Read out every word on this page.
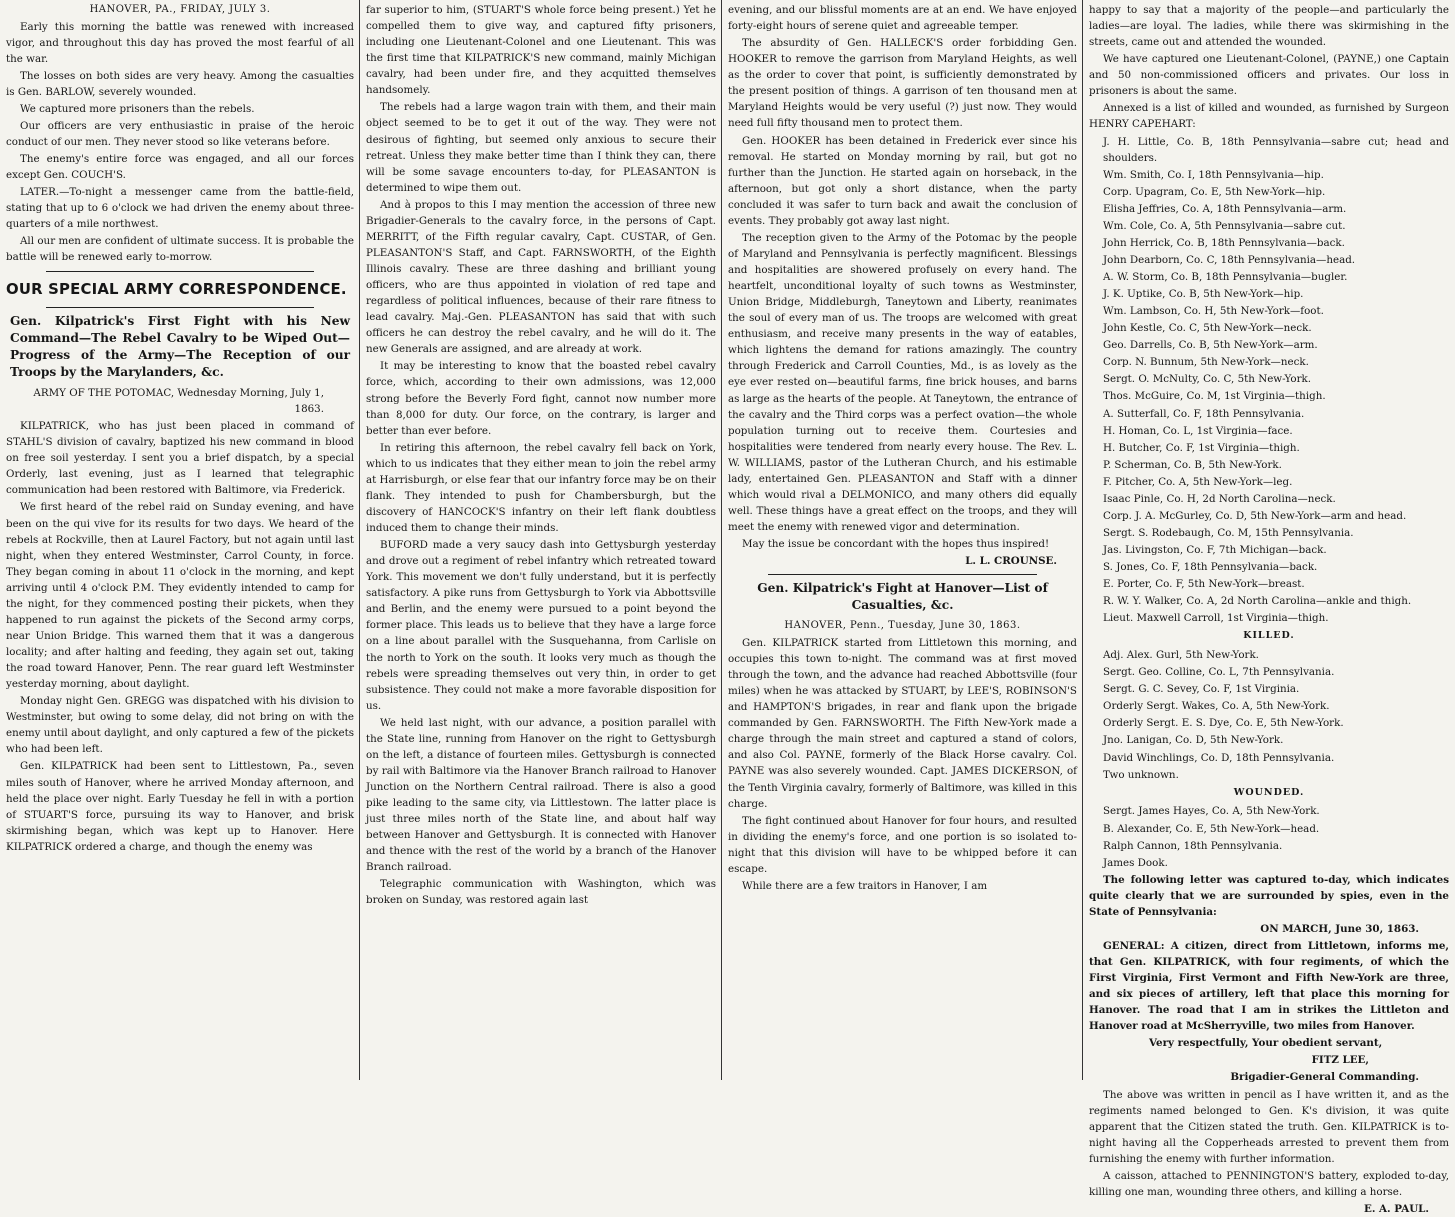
HANOVER, PA., FRIDAY, JULY 3.

Early this morning the battle was renewed with increased vigor, and throughout this day has proved the most fearful of all the war.

The losses on both sides are very heavy. Among the casualties is Gen. BARLOW, severely wounded.

We captured more prisoners than the rebels.

Our officers are very enthusiastic in praise of the heroic conduct of our men. They never stood so like veterans before.

The enemy's entire force was engaged, and all our forces except Gen. COUCH'S.

LATER.—To-night a messenger came from the battle-field, stating that up to 6 o'clock we had driven the enemy about three-quarters of a mile northwest.

All our men are confident of ultimate success. It is probable the battle will be renewed early to-morrow.

OUR SPECIAL ARMY CORRESPONDENCE.

Gen. Kilpatrick's First Fight with his New Command—The Rebel Cavalry to be Wiped Out—Progress of the Army—The Reception of our Troops by the Marylanders, &c.

ARMY OF THE POTOMAC, Wednesday Morning, July 1, 1863.

KILPATRICK, who has just been placed in command of STAHL'S division of cavalry, baptized his new command in blood on free soil yesterday. I sent you a brief dispatch, by a special Orderly, last evening, just as I learned that telegraphic communication had been restored with Baltimore, via Frederick.

We first heard of the rebel raid on Sunday evening, and have been on the qui vive for its results for two days. We heard of the rebels at Rockville, then at Laurel Factory, but not again until last night, when they entered Westminster, Carrol County, in force. They began coming in about 11 o'clock in the morning, and kept arriving until 4 o'clock P.M. They evidently intended to camp for the night, for they commenced posting their pickets, when they happened to run against the pickets of the Second army corps, near Union Bridge. This warned them that it was a dangerous locality; and after halting and feeding, they again set out, taking the road toward Hanover, Penn. The rear guard left Westminster yesterday morning, about daylight.

Monday night Gen. GREGG was dispatched with his division to Westminster, but owing to some delay, did not bring on with the enemy until about daylight, and only captured a few of the pickets who had been left.

Gen. KILPATRICK had been sent to Littlestown, Pa., seven miles south of Hanover, where he arrived Monday afternoon, and held the place over night. Early Tuesday he fell in with a portion of STUART'S force, pursuing its way to Hanover, and brisk skirmishing began, which was kept up to Hanover. Here KILPATRICK ordered a charge, and though the enemy was

far superior to him, (STUART'S whole force being present.) Yet he compelled them to give way, and captured fifty prisoners, including one Lieutenant-Colonel and one Lieutenant. This was the first time that KILPATRICK'S new command, mainly Michigan cavalry, had been under fire, and they acquitted themselves handsomely.

The rebels had a large wagon train with them, and their main object seemed to be to get it out of the way. They were not desirous of fighting, but seemed only anxious to secure their retreat. Unless they make better time than I think they can, there will be some savage encounters to-day, for PLEASANTON is determined to wipe them out.

And à propos to this I may mention the accession of three new Brigadier-Generals to the cavalry force, in the persons of Capt. MERRITT, of the Fifth regular cavalry, Capt. CUSTAR, of Gen. PLEASANTON'S Staff, and Capt. FARNSWORTH, of the Eighth Illinois cavalry. These are three dashing and brilliant young officers, who are thus appointed in violation of red tape and regardless of political influences, because of their rare fitness to lead cavalry. Maj.-Gen. PLEASANTON has said that with such officers he can destroy the rebel cavalry, and he will do it. The new Generals are assigned, and are already at work.

It may be interesting to know that the boasted rebel cavalry force, which, according to their own admissions, was 12,000 strong before the Beverly Ford fight, cannot now number more than 8,000 for duty. Our force, on the contrary, is larger and better than ever before.

In retiring this afternoon, the rebel cavalry fell back on York, which to us indicates that they either mean to join the rebel army at Harrisburgh, or else fear that our infantry force may be on their flank. They intended to push for Chambersburgh, but the discovery of HANCOCK'S infantry on their left flank doubtless induced them to change their minds.

BUFORD made a very saucy dash into Gettysburgh yesterday and drove out a regiment of rebel infantry which retreated toward York. This movement we don't fully understand, but it is perfectly satisfactory. A pike runs from Gettysburgh to York via Abbottsville and Berlin, and the enemy were pursued to a point beyond the former place. This leads us to believe that they have a large force on a line about parallel with the Susquehanna, from Carlisle on the north to York on the south. It looks very much as though the rebels were spreading themselves out very thin, in order to get subsistence. They could not make a more favorable disposition for us.

We held last night, with our advance, a position parallel with the State line, running from Hanover on the right to Gettysburgh on the left, a distance of fourteen miles. Gettysburgh is connected by rail with Baltimore via the Hanover Branch railroad to Hanover Junction on the Northern Central railroad. There is also a good pike leading to the same city, via Littlestown. The latter place is just three miles north of the State line, and about half way between Hanover and Gettysburgh. It is connected with Hanover and thence with the rest of the world by a branch of the Hanover Branch railroad.

Telegraphic communication with Washington, which was broken on Sunday, was restored again last

evening, and our blissful moments are at an end. We have enjoyed forty-eight hours of serene quiet and agreeable temper.

The absurdity of Gen. HALLECK'S order forbidding Gen. HOOKER to remove the garrison from Maryland Heights, as well as the order to cover that point, is sufficiently demonstrated by the present position of things. A garrison of ten thousand men at Maryland Heights would be very useful (?) just now. They would need full fifty thousand men to protect them.

Gen. HOOKER has been detained in Frederick ever since his removal. He started on Monday morning by rail, but got no further than the Junction. He started again on horseback, in the afternoon, but got only a short distance, when the party concluded it was safer to turn back and await the conclusion of events. They probably got away last night.

The reception given to the Army of the Potomac by the people of Maryland and Pennsylvania is perfectly magnificent. Blessings and hospitalities are showered profusely on every hand. The heartfelt, unconditional loyalty of such towns as Westminster, Union Bridge, Middleburgh, Taneytown and Liberty, reanimates the soul of every man of us. The troops are welcomed with great enthusiasm, and receive many presents in the way of eatables, which lightens the demand for rations amazingly. The country through Frederick and Carroll Counties, Md., is as lovely as the eye ever rested on—beautiful farms, fine brick houses, and barns as large as the hearts of the people. At Taneytown, the entrance of the cavalry and the Third corps was a perfect ovation—the whole population turning out to receive them. Courtesies and hospitalities were tendered from nearly every house. The Rev. L. W. WILLIAMS, pastor of the Lutheran Church, and his estimable lady, entertained Gen. PLEASANTON and Staff with a dinner which would rival a DELMONICO, and many others did equally well. These things have a great effect on the troops, and they will meet the enemy with renewed vigor and determination.

May the issue be concordant with the hopes thus inspired!

L. L. CROUNSE.

Gen. Kilpatrick's Fight at Hanover—List of Casualties, &c.

HANOVER, Penn., Tuesday, June 30, 1863.

Gen. KILPATRICK started from Littletown this morning, and occupies this town to-night. The command was at first moved through the town, and the advance had reached Abbottsville (four miles) when he was attacked by STUART, by LEE'S, ROBINSON'S and HAMPTON'S brigades, in rear and flank upon the brigade commanded by Gen. FARNSWORTH. The Fifth New-York made a charge through the main street and captured a stand of colors, and also Col. PAYNE, formerly of the Black Horse cavalry. Col. PAYNE was also severely wounded. Capt. JAMES DICKERSON, of the Tenth Virginia cavalry, formerly of Baltimore, was killed in this charge.

The fight continued about Hanover for four hours, and resulted in dividing the enemy's force, and one portion is so isolated to-night that this division will have to be whipped before it can escape.

While there are a few traitors in Hanover, I am

happy to say that a majority of the people—and particularly the ladies—are loyal. The ladies, while there was skirmishing in the streets, came out and attended the wounded.

We have captured one Lieutenant-Colonel, (PAYNE,) one Captain and 50 non-commissioned officers and privates. Our loss in prisoners is about the same.

Annexed is a list of killed and wounded, as furnished by Surgeon HENRY CAPEHART:

J. H. Little, Co. B, 18th Pennsylvania—sabre cut; head and shoulders.

Wm. Smith, Co. I, 18th Pennsylvania—hip.

Corp. Upagram, Co. E, 5th New-York—hip.

Elisha Jeffries, Co. A, 18th Pennsylvania—arm.

Wm. Cole, Co. A, 5th Pennsylvania—sabre cut.

John Herrick, Co. B, 18th Pennsylvania—back.

John Dearborn, Co. C, 18th Pennsylvania—head.

A. W. Storm, Co. B, 18th Pennsylvania—bugler.

J. K. Uptike, Co. B, 5th New-York—hip.

Wm. Lambson, Co. H, 5th New-York—foot.

John Kestle, Co. C, 5th New-York—neck.

Geo. Darrells, Co. B, 5th New-York—arm.

Corp. N. Bunnum, 5th New-York—neck.

Sergt. O. McNulty, Co. C, 5th New-York.

Thos. McGuire, Co. M, 1st Virginia—thigh.

A. Sutterfall, Co. F, 18th Pennsylvania.

H. Homan, Co. L, 1st Virginia—face.

H. Butcher, Co. F, 1st Virginia—thigh.

P. Scherman, Co. B, 5th New-York.

F. Pitcher, Co. A, 5th New-York—leg.

Isaac Pinle, Co. H, 2d North Carolina—neck.

Corp. J. A. McGurley, Co. D, 5th New-York—arm and head.

Sergt. S. Rodebaugh, Co. M, 15th Pennsylvania.

Jas. Livingston, Co. F, 7th Michigan—back.

S. Jones, Co. F, 18th Pennsylvania—back.

E. Porter, Co. F, 5th New-York—breast.

R. W. Y. Walker, Co. A, 2d North Carolina—ankle and thigh.

Lieut. Maxwell Carroll, 1st Virginia—thigh.

KILLED.

Adj. Alex. Gurl, 5th New-York.

Sergt. Geo. Colline, Co. L, 7th Pennsylvania.

Sergt. G. C. Sevey, Co. F, 1st Virginia.

Orderly Sergt. Wakes, Co. A, 5th New-York.

Orderly Sergt. E. S. Dye, Co. E, 5th New-York.

Jno. Lanigan, Co. D, 5th New-York.

David Winchlings, Co. D, 18th Pennsylvania.

Two unknown.

WOUNDED.

Sergt. James Hayes, Co. A, 5th New-York.

B. Alexander, Co. E, 5th New-York—head.

Ralph Cannon, 18th Pennsylvania.

James Dook.

The following letter was captured to-day, which indicates quite clearly that we are surrounded by spies, even in the State of Pennsylvania:

ON MARCH, June 30, 1863.

GENERAL: A citizen, direct from Littletown, informs me, that Gen. KILPATRICK, with four regiments, of which the First Virginia, First Vermont and Fifth New-York are three, and six pieces of artillery, left that place this morning for Hanover. The road that I am in strikes the Littleton and Hanover road at McSherryville, two miles from Hanover.

Very respectfully, Your obedient servant,

FITZ LEE,

Brigadier-General Commanding.

The above was written in pencil as I have written it, and as the regiments named belonged to Gen. K's division, it was quite apparent that the Citizen stated the truth. Gen. KILPATRICK is to-night having all the Copperheads arrested to prevent them from furnishing the enemy with further information.

A caisson, attached to PENNINGTON'S battery, exploded to-day, killing one man, wounding three others, and killing a horse.

E. A. PAUL.
